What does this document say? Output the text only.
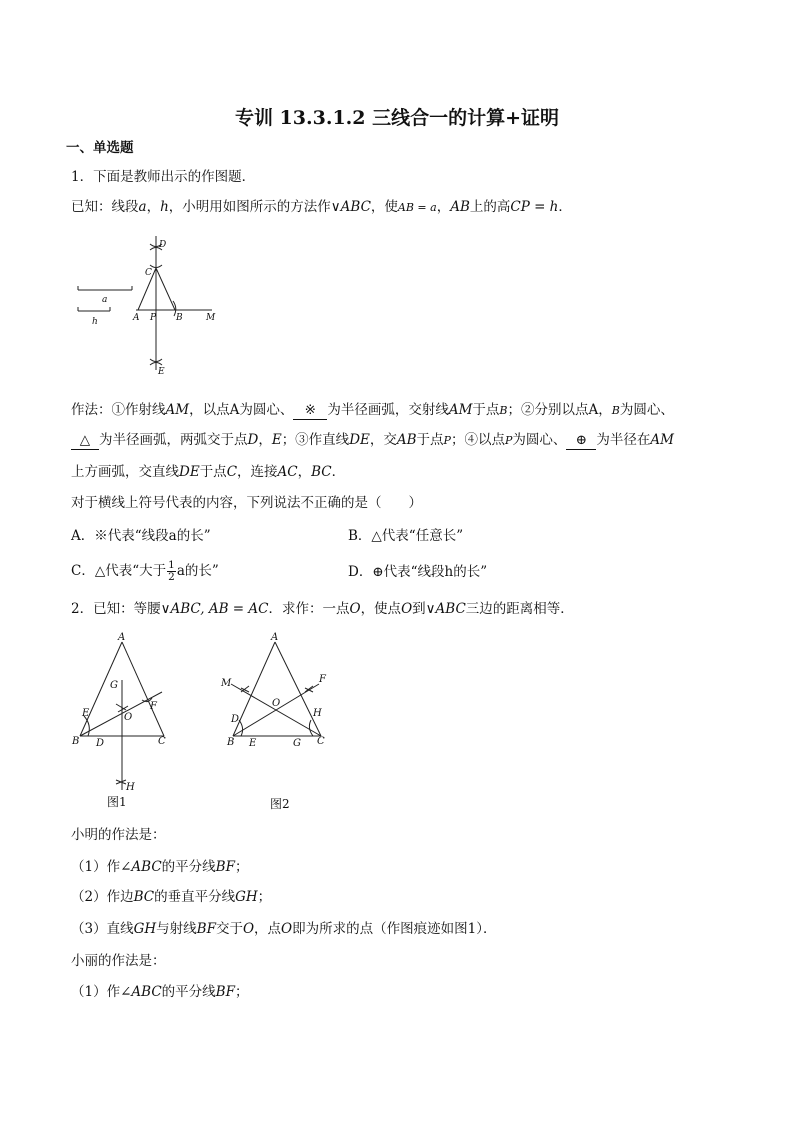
专训 13.3.1.2 三线合一的计算+证明
一、单选题
1．下面是教师出示的作图题．
已知：线段a，h，小明用如图所示的方法作∨ABC，使AB = a，AB上的高CP = h．
a
h	A P B	M
C
D
E
作法：①作射线AM，以点A为圆心、 ※ 为半径画弧，交射线AM于点B；②分别以点A，B为圆心、
△ 为半径画弧，两弧交于点D，E；③作直线DE，交AB于点P；④以点P为圆心、 ⊕ 为半径在AM
上方画弧，交直线DE于点C，连接AC，BC．
对于横线上符号代表的内容，下列说法不正确的是（　　）
A．※代表“线段a的长”	B．△代表“任意长”
C．△代表“大于 $\frac{1}{2}$ a的长”	D．⊕代表“线段h的长”
2．已知：等腰∨ABC, AB = AC．求作：一点O，使点O到∨ABC三边的距离相等．
A
G
E
F
O
B D	C
H
图1
A
M	F
O
D
H
B E	G C
图2
小明的作法是：
（1）作∠ABC的平分线BF；
（2）作边BC的垂直平分线GH；
（3）直线GH与射线BF交于O，点O即为所求的点（作图痕迹如图1）．
小丽的作法是：
（1）作∠ABC的平分线BF；
